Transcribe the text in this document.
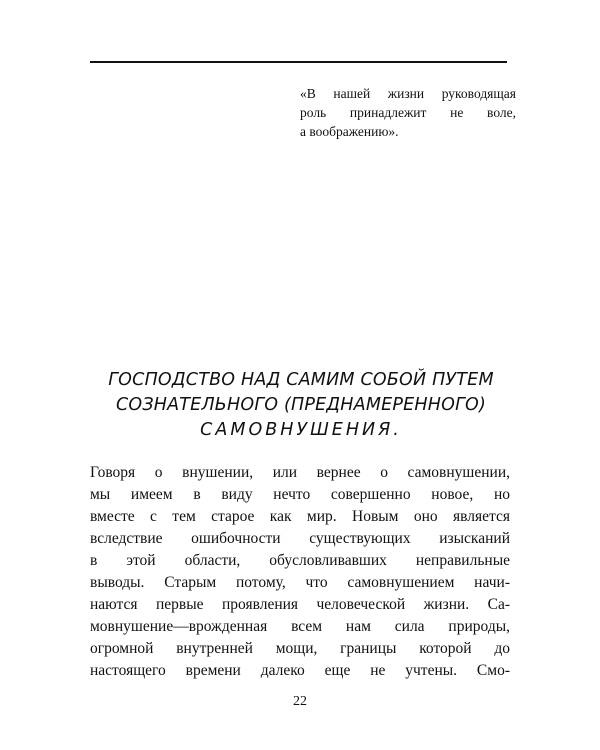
«В нашей жизни руководящая
роль принадлежит не воле,
а воображению».
ГОСПОДСТВО НАД САМИМ СОБОЙ ПУТЕМ
СОЗНАТЕЛЬНОГО (ПРЕДНАМЕРЕННОГО)
САМОВНУШЕНИЯ.
Говоря о внушении, или вернее о самовнушении,
мы имеем в виду нечто совершенно новое, но
вместе с тем старое как мир. Новым оно является
вследствие ошибочности существующих изысканий
в этой области, обусловливавших неправильные
выводы. Старым потому, что самовнушением начи-
наются первые проявления человеческой жизни. Са-
мовнушение—врожденная всем нам сила природы,
огромной внутренней мощи, границы которой до
настоящего времени далеко еще не учтены. Смо-
22
